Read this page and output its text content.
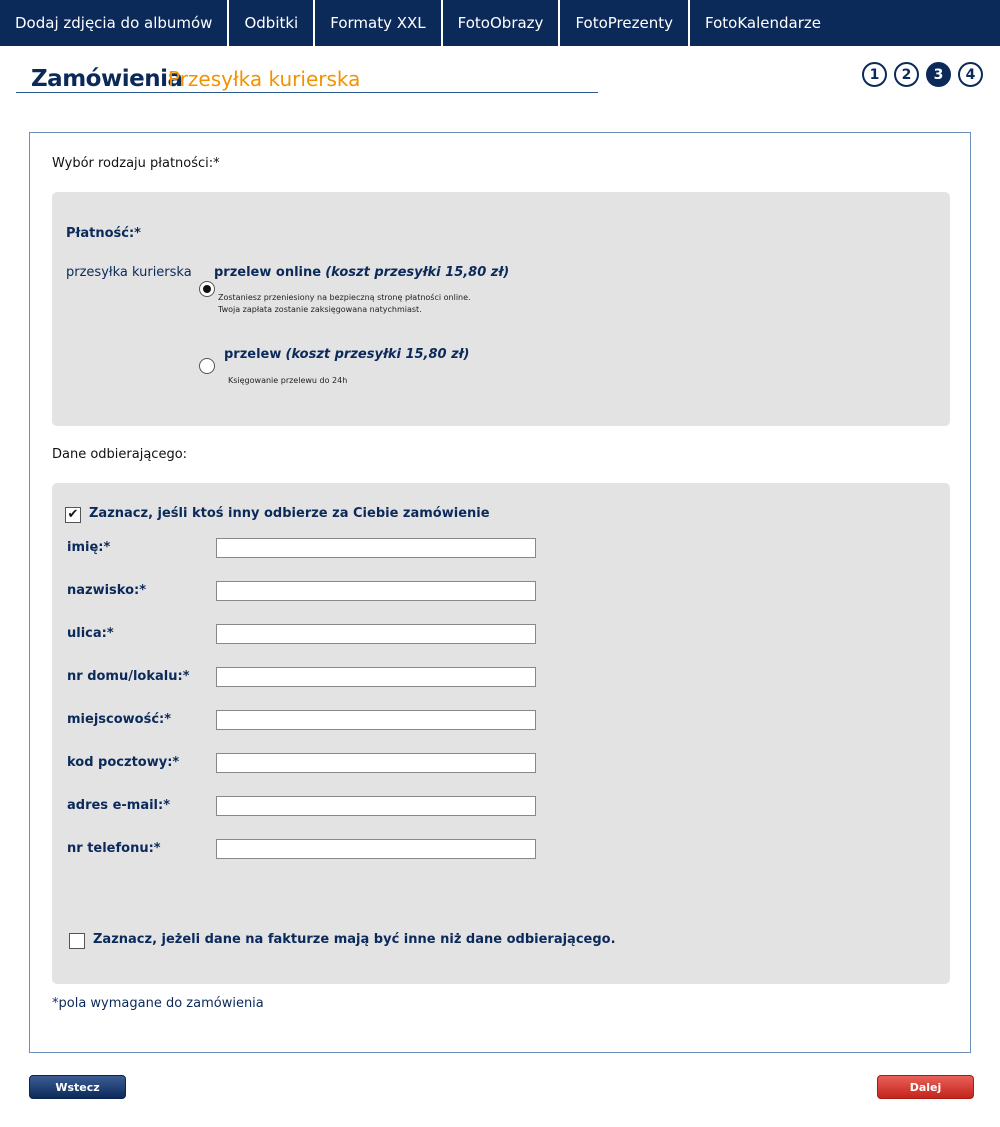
Dodaj zdjęcia do albumów	Odbitki	Formaty XXL	FotoObrazy	FotoPrezenty	FotoKalendarze
Zamówienia
Przesyłka kurierska	1	2	3	4
Wybór rodzaju płatności:*
Płatność:*
przesyłka kurierska przelew online (koszt przesyłki 15,80 zł)
Zostaniesz przeniesiony na bezpieczną stronę płatności online.
Twoja zapłata zostanie zaksięgowana natychmiast.
przelew (koszt przesyłki 15,80 zł)
Księgowanie przelewu do 24h
Dane odbierającego:
✔ Zaznacz, jeśli ktoś inny odbierze za Ciebie zamówienie
imię:*
nazwisko:*
ulica:*
nr domu/lokalu:*
miejscowość:*
kod pocztowy:*
adres e-mail:*
nr telefonu:*
Zaznacz, jeżeli dane na fakturze mają być inne niż dane odbierającego.
*pola wymagane do zamówienia
Wstecz	Dalej
